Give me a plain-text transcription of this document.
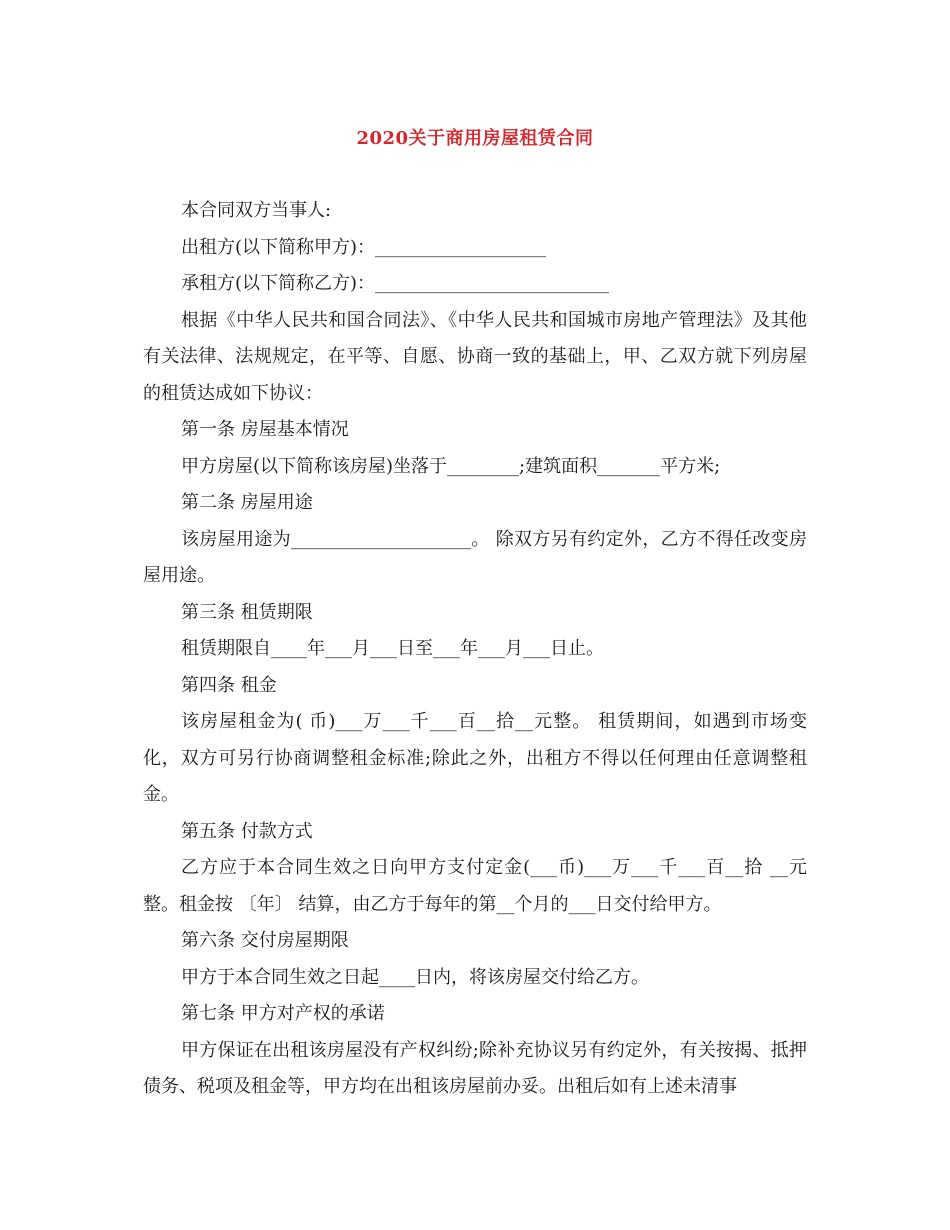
2020关于商用房屋租赁合同

本合同双方当事人:

出租方(以下简称甲方)：___________________

承租方(以下简称乙方)：__________________________

根据《中华人民共和国合同法》、《中华人民共和国城市房地产管理法》及其他有关法律、法规规定，在平等、自愿、协商一致的基础上，甲、乙双方就下列房屋的租赁达成如下协议：

第一条 房屋基本情况

甲方房屋(以下简称该房屋)坐落于________;建筑面积_______平方米;

第二条 房屋用途

该房屋用途为____________________。 除双方另有约定外，乙方不得任改变房屋用途。

第三条 租赁期限

租赁期限自____年___月___日至___年___月___日止。

第四条 租金

该房屋租金为( 币)___万___千___百__拾__元整。 租赁期间，如遇到市场变化，双方可另行协商调整租金标准;除此之外，出租方不得以任何理由任意调整租金。

第五条 付款方式

乙方应于本合同生效之日向甲方支付定金(___币)___万___千___百__拾 __元整。租金按 〔年〕 结算，由乙方于每年的第__个月的___日交付给甲方。

第六条 交付房屋期限

甲方于本合同生效之日起____日内，将该房屋交付给乙方。

第七条 甲方对产权的承诺

甲方保证在出租该房屋没有产权纠纷;除补充协议另有约定外，有关按揭、抵押债务、税项及租金等，甲方均在出租该房屋前办妥。出租后如有上述未清事
